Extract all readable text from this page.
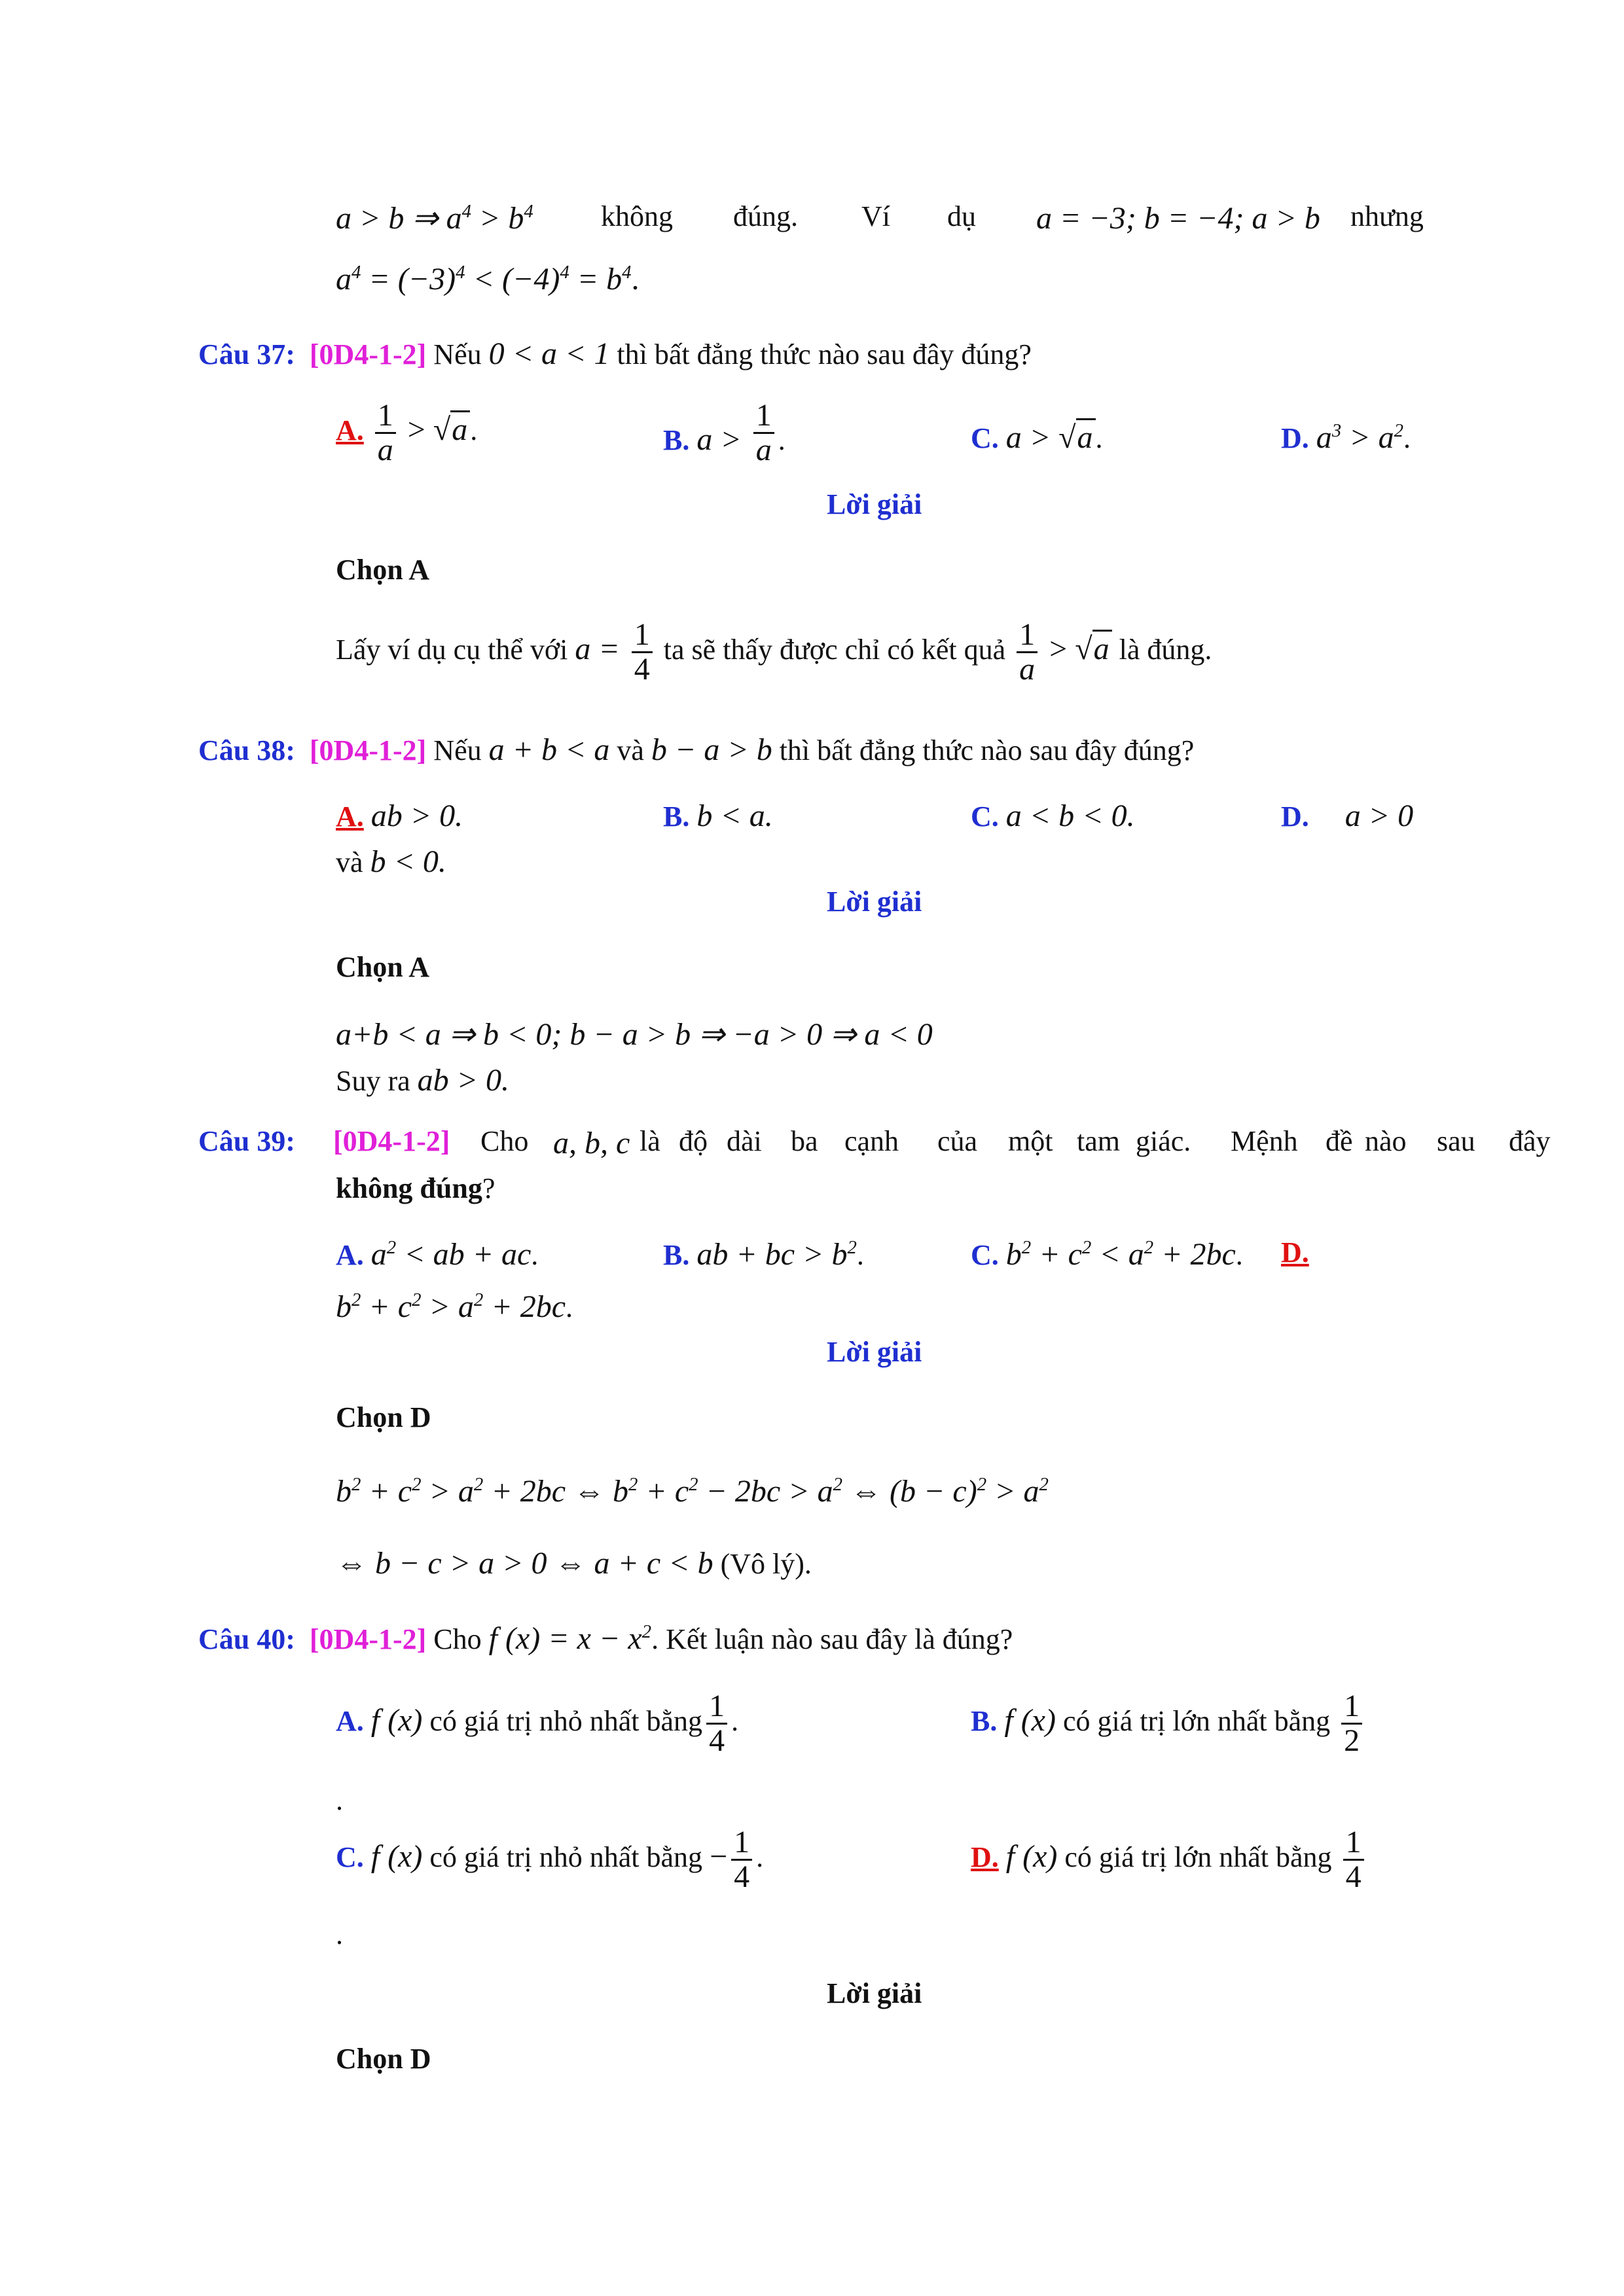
a > b ⇒ $a^4 > b^4$	không đúng. Ví dụ a = −3; b = −4; a > b nhưng
$a^4 = (-3)^4 < (-4)^4 = b^4$.
Câu 37: [0D4-1-2] Nếu 0 < a < 1 thì bất đẳng thức nào sau đây đúng?
A. $\frac{1}{a} > √a$.	B. $a > \frac{1}{a}$ .	C. a > √a.	D. $a^3 > a^2$.
Lời giải
Chọn A
Lấy ví dụ cụ thể với $a = \frac{1}{4}$ ta sẽ thấy được chỉ có kết quả $\frac{1}{a} > √a$ là đúng.
Câu 38: [0D4-1-2] Nếu a + b < a và b − a > b thì bất đẳng thức nào sau đây đúng?
A. ab > 0.	B. b < a.	C. a < b < 0.	D. a > 0
và b < 0.
Lời giải
Chọn A
a+b < a ⇒ b < 0; b − a > b ⇒ −a > 0 ⇒ a < 0
Suy ra ab > 0.
Câu 39: [0D4-1-2] Cho a, b, c là độ dài ba cạnh của một tam giác. Mệnh đề nào sau đây
không đúng?
A. $a^2$ < ab + ac.	B. ab + bc > $b^2$.	C. $b^2 + c^2 < a^2 + 2bc$. D.
$b^2 + c^2 > a^2 + 2bc$.
Lời giải
Chọn D
$b^2 + c^2 > a^2 + 2bc$ ⇔ $b^2 + c^2 - 2bc > a^2$ ⇔ $(b - c)^2 > a^2$
⇔ b − c > a > 0 ⇔ a + c < b (Vô lý).
Câu 40: [0D4-1-2] Cho f $(x) = x - x^2$. Kết luận nào sau đây là đúng?
A. f (x) có giá trị nhỏ nhất bằng $\frac{1}{4}$ .	B. f (x) có giá trị lớn nhất bằng $\frac{1}{2}$
.
C. f (x) có giá trị nhỏ nhất bằng − $\frac{1}{4}$ .	D. f (x) có giá trị lớn nhất bằng $\frac{1}{4}$
.
Lời giải
Chọn D
